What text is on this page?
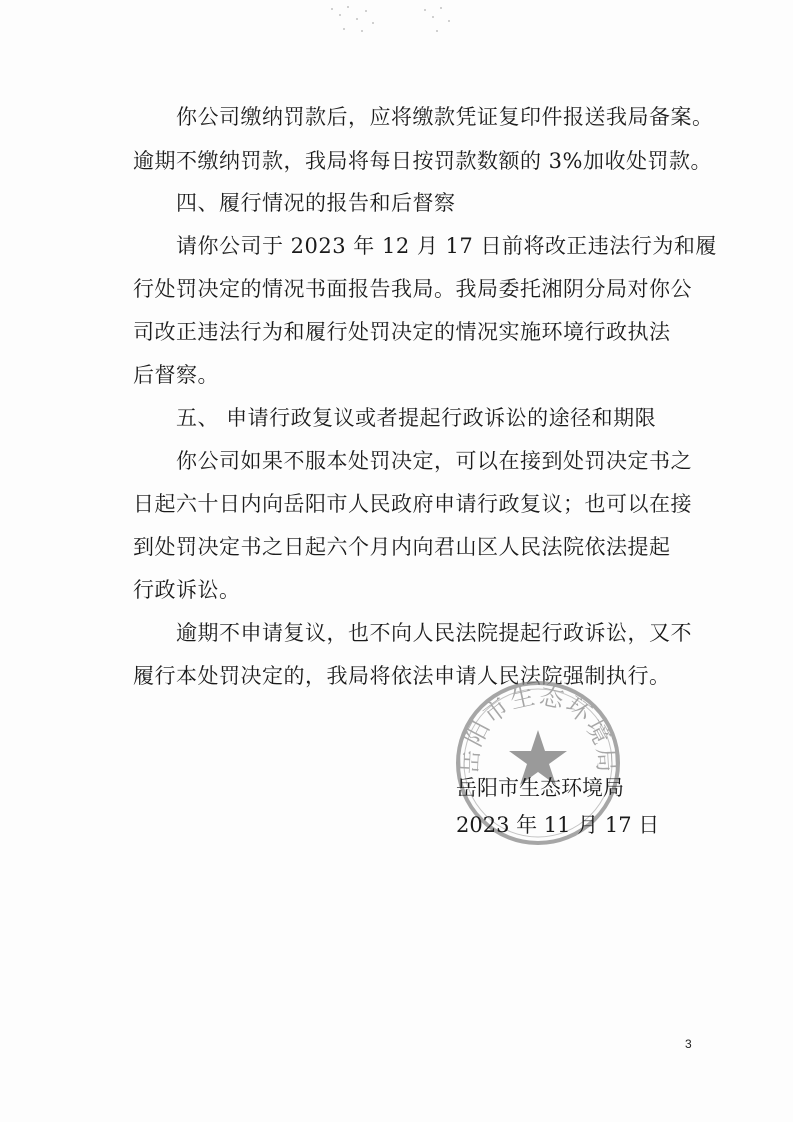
你公司缴纳罚款后，应将缴款凭证复印件报送我局备案。
逾期不缴纳罚款，我局将每日按罚款数额的 3%加收处罚款。
四、履行情况的报告和后督察
请你公司于 2023 年 12 月 17 日前将改正违法行为和履
行处罚决定的情况书面报告我局。我局委托湘阴分局对你公
司改正违法行为和履行处罚决定的情况实施环境行政执法
后督察。
五、 申请行政复议或者提起行政诉讼的途径和期限
你公司如果不服本处罚决定，可以在接到处罚决定书之
日起六十日内向岳阳市人民政府申请行政复议；也可以在接
到处罚决定书之日起六个月内向君山区人民法院依法提起
行政诉讼。
逾期不申请复议，也不向人民法院提起行政诉讼，又不
履行本处罚决定的，我局将依法申请人民法院强制执行。
岳阳市生态环境局
岳阳市生态环境局
2023 年 11 月 17 日
3
